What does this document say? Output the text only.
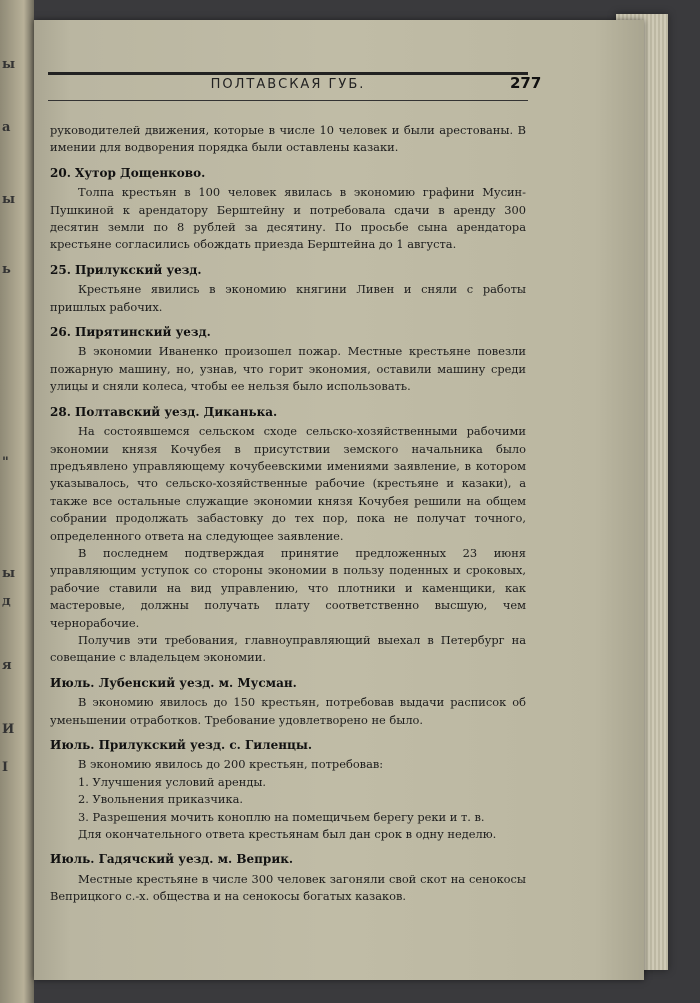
ы
а
ы
ь
"
ы
д
я
И
I
ПОЛТАВСКАЯ ГУБ.	277

руководителей движения, которые в числе 10 человек и были арестованы. В имении для водворения порядка были оставлены казаки.

20. Хутор Дощенково.

Толпа крестьян в 100 человек явилась в экономию графини Мусин-Пушкиной к арендатору Берштейну и потребовала сдачи в аренду 300 десятин земли по 8 рублей за десятину. По просьбе сына арендатора крестьяне согласились обождать приезда Берштейна до 1 августа.

25. Прилукский уезд.

Крестьяне явились в экономию княгини Ливен и сняли с работы пришлых рабочих.

26. Пирятинский уезд.

В экономии Иваненко произошел пожар. Местные крестьяне повезли пожарную машину, но, узнав, что горит экономия, оставили машину среди улицы и сняли колеса, чтобы ее нельзя было использовать.

28. Полтавский уезд. Диканька.

На состоявшемся сельском сходе сельско-хозяйственными рабочими экономии князя Кочубея в присутствии земского начальника было предъявлено управляющему кочубеевскими имениями заявление, в котором указывалось, что сельско-хозяйственные рабочие (крестьяне и казаки), а также все остальные служащие экономии князя Кочубея решили на общем собрании продолжать забастовку до тех пор, пока не получат точного, определенного ответа на следующее заявление.

В последнем подтверждая принятие предложенных 23 июня управляющим уступок со стороны экономии в пользу поденных и сроковых, рабочие ставили на вид управлению, что плотники и каменщики, как мастеровые, должны получать плату соответственно высшую, чем чернорабочие.

Получив эти требования, главноуправляющий выехал в Петербург на совещание с владельцем экономии.

Июль. Лубенский уезд. м. Мусман.

В экономию явилось до 150 крестьян, потребовав выдачи расписок об уменьшении отработков. Требование удовлетворено не было.

Июль. Прилукский уезд. с. Гиленцы.

В экономию явилось до 200 крестьян, потребовав:

1. Улучшения условий аренды.

2. Увольнения приказчика.

3. Разрешения мочить коноплю на помещичьем берегу реки и т. в.

Для окончательного ответа крестьянам был дан срок в одну неделю.

Июль. Гадячский уезд. м. Веприк.

Местные крестьяне в числе 300 человек загоняли свой скот на сенокосы Веприцкого с.-х. общества и на сенокосы богатых казаков.
